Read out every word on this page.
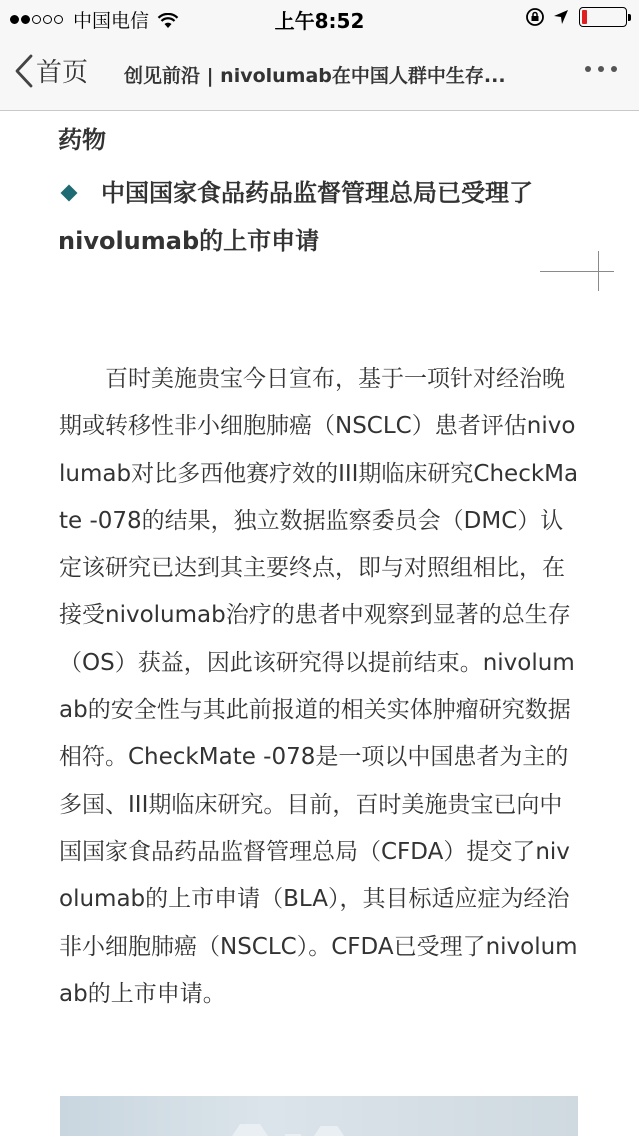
中国电信	上午8:52
首页 创见前沿 | nivolumab在中国人群中生存...
药物
中国国家食品药品监督管理总局已受理了nivolumab的上市申请

百时美施贵宝今日宣布，基于一项针对经治晚期或转移性非小细胞肺癌（NSCLC）患者评估nivolumab对比多西他赛疗效的III期临床研究CheckMate -078的结果，独立数据监察委员会（DMC）认定该研究已达到其主要终点，即与对照组相比，在接受nivolumab治疗的患者中观察到显著的总生存（OS）获益，因此该研究得以提前结束。nivolumab的安全性与其此前报道的相关实体肿瘤研究数据相符。CheckMate -078是一项以中国患者为主的多国、III期临床研究。目前，百时美施贵宝已向中国国家食品药品监督管理总局（CFDA）提交了nivolumab的上市申请（BLA），其目标适应症为经治非小细胞肺癌（NSCLC）。CFDA已受理了nivolumab的上市申请。
